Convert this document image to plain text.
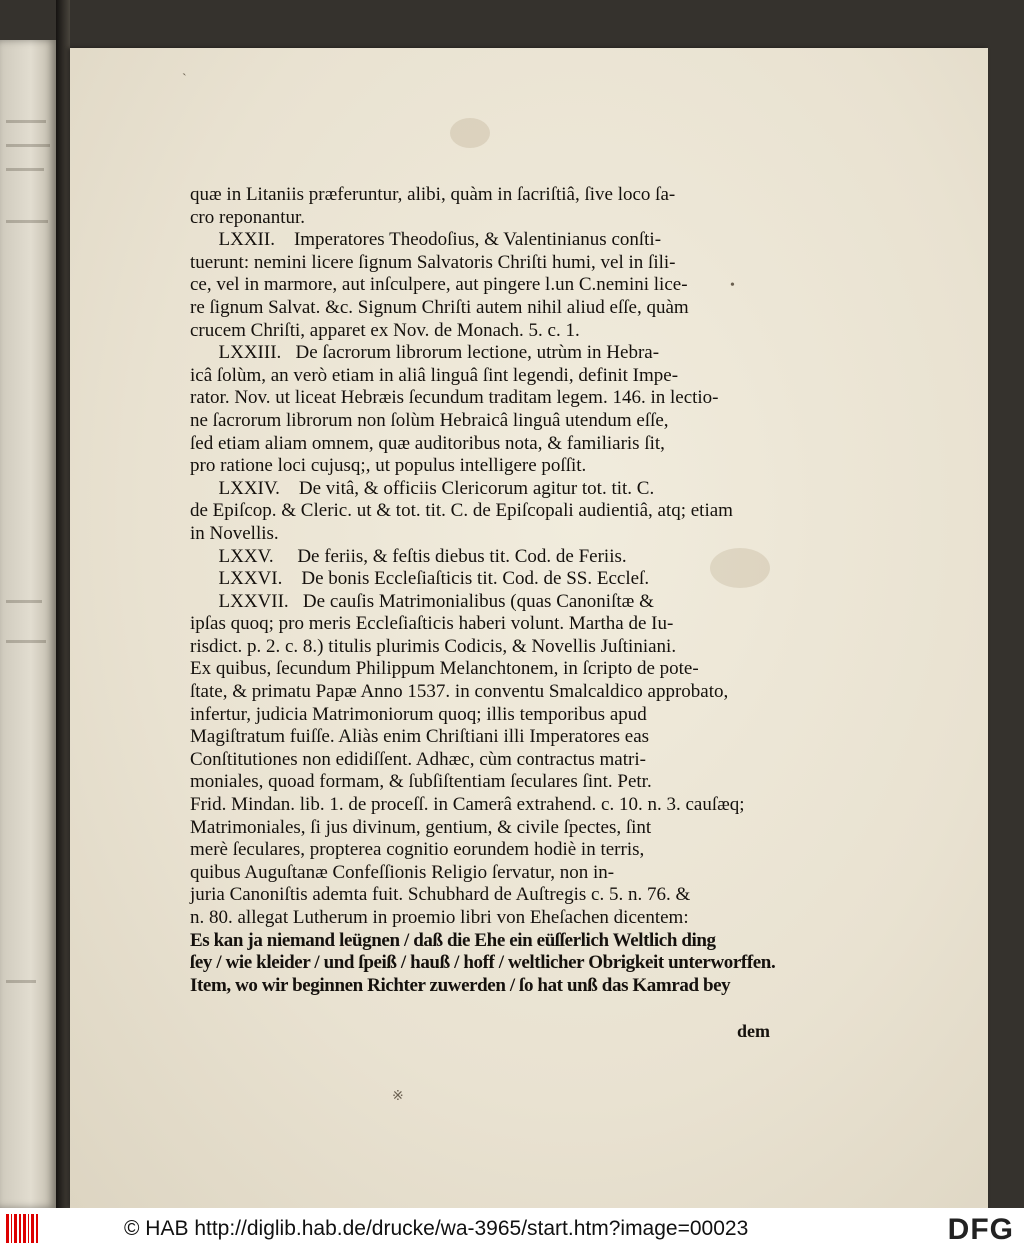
ˋ
•
※
quæ in Litaniis præferuntur, alibi, quàm in ſacriſtiâ, ſive loco ſa-
cro reponantur.
LXXII.    Imperatores Theodoſius, & Valentinianus conſti-
tuerunt: nemini licere ſignum Salvatoris Chriſti humi, vel in ſili-
ce, vel in marmore, aut inſculpere, aut pingere l.un C.nemini lice-
re ſignum Salvat. &c. Signum Chriſti autem nihil aliud eſſe, quàm
crucem Chriſti, apparet ex Nov. de Monach. 5. c. 1.
LXXIII.   De ſacrorum librorum lectione, utrùm in Hebra-
icâ ſolùm, an verò etiam in aliâ linguâ ſint legendi, definit Impe-
rator. Nov. ut liceat Hebræis ſecundum traditam legem. 146. in lectio-
ne ſacrorum librorum non ſolùm Hebraicâ linguâ utendum eſſe,
ſed etiam aliam omnem, quæ auditoribus nota, & familiaris ſit,
pro ratione loci cujusq;, ut populus intelligere poſſit.
LXXIV.    De vitâ, & officiis Clericorum agitur tot. tit. C.
de Epiſcop. & Cleric. ut & tot. tit. C. de Epiſcopali audientiâ, atq; etiam
in Novellis.
LXXV.     De feriis, & feſtis diebus tit. Cod. de Feriis.
LXXVI.    De bonis Eccleſiaſticis tit. Cod. de SS. Eccleſ.
LXXVII.   De cauſis Matrimonialibus (quas Canoniſtæ &
ipſas quoq; pro meris Eccleſiaſticis haberi volunt. Martha de Iu-
risdict. p. 2. c. 8.) titulis plurimis Codicis, & Novellis Juſtiniani.
Ex quibus, ſecundum Philippum Melanchtonem, in ſcripto de pote-
ſtate, & primatu Papæ Anno 1537. in conventu Smalcaldico approbato,
infertur, judicia Matrimoniorum quoq; illis temporibus apud
Magiſtratum fuiſſe. Aliàs enim Chriſtiani illi Imperatores eas
Conſtitutiones non edidiſſent. Adhæc, cùm contractus matri-
moniales, quoad formam, & ſubſiſtentiam ſeculares ſint. Petr.
Frid. Mindan. lib. 1. de proceſſ. in Camerâ extrahend. c. 10. n. 3. cauſæq;
Matrimoniales, ſi jus divinum, gentium, & civile ſpectes, ſint
merè ſeculares, propterea cognitio eorundem hodiè in terris,
quibus Auguſtanæ Confeſſionis Religio ſervatur, non in-
juria Canoniſtis ademta fuit. Schubhard de Auſtregis c. 5. n. 76. &
n. 80. allegat Lutherum in proemio libri von Eheſachen dicentem:
Es kan ja niemand leügnen / daß die Ehe ein eüſſerlich Weltlich ding
ſey / wie kleider / und ſpeiß / hauß / hoff / weltlicher Obrigkeit unterworffen.
Item, wo wir beginnen Richter zuwerden / ſo hat unß das Kamrad bey

dem

© HAB http://diglib.hab.de/drucke/wa-3965/start.htm?image=00023	DFG
